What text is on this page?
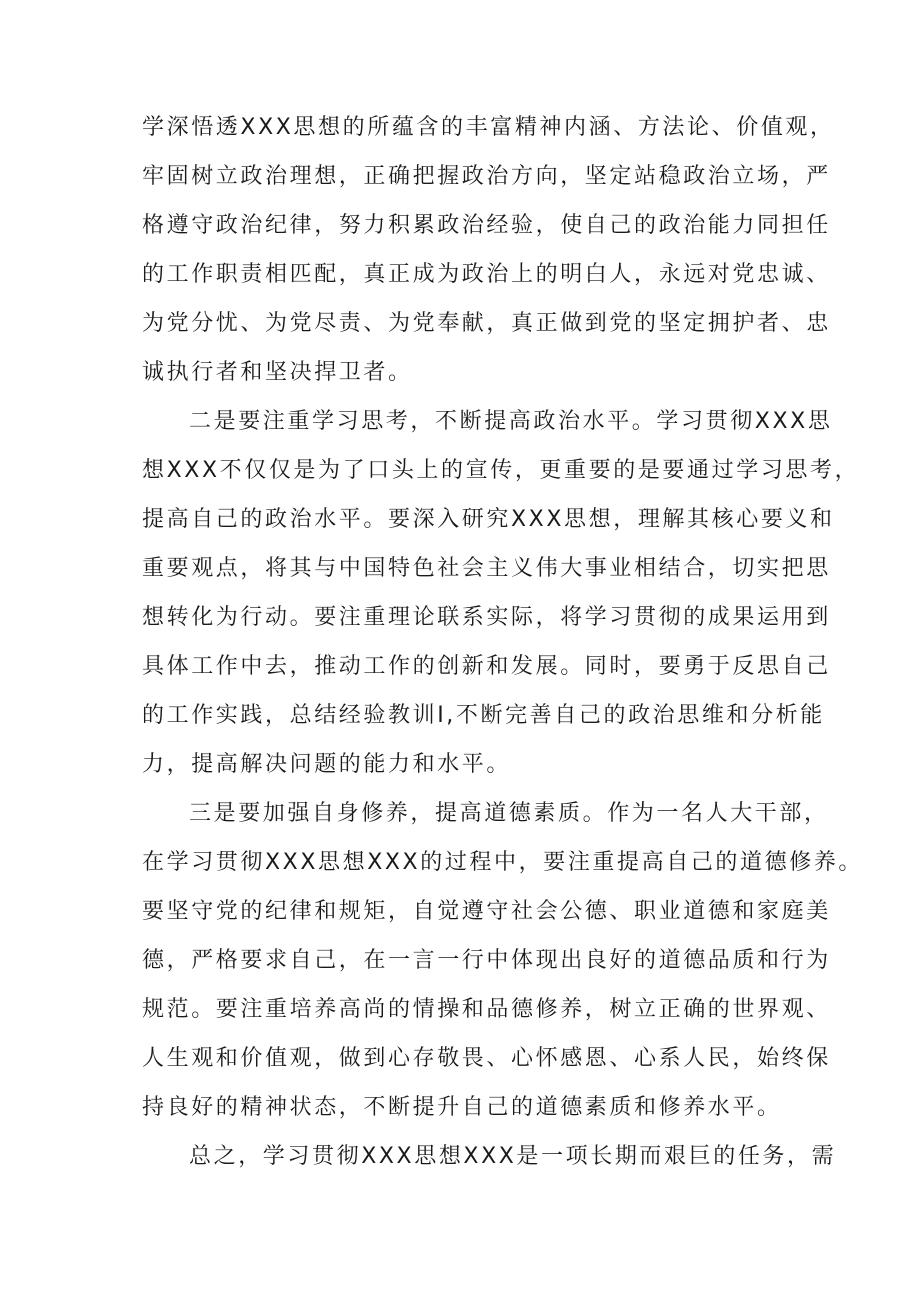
学深悟透XXX思想的所蕴含的丰富精神内涵、方法论、价值观，
牢固树立政治理想，正确把握政治方向，坚定站稳政治立场，严
格遵守政治纪律，努力积累政治经验，使自己的政治能力同担任
的工作职责相匹配，真正成为政治上的明白人，永远对党忠诚、
为党分忧、为党尽责、为党奉献，真正做到党的坚定拥护者、忠
诚执行者和坚决捍卫者。
二是要注重学习思考，不断提高政治水平。学习贯彻XXX思
想XXX不仅仅是为了口头上的宣传，更重要的是要通过学习思考，
提高自己的政治水平。要深入研究XXX思想，理解其核心要义和
重要观点，将其与中国特色社会主义伟大事业相结合，切实把思
想转化为行动。要注重理论联系实际，将学习贯彻的成果运用到
具体工作中去，推动工作的创新和发展。同时，要勇于反思自己
的工作实践，总结经验教训I,不断完善自己的政治思维和分析能
力，提高解决问题的能力和水平。
三是要加强自身修养，提高道德素质。作为一名人大干部，
在学习贯彻XXX思想XXX的过程中，要注重提高自己的道德修养。
要坚守党的纪律和规矩，自觉遵守社会公德、职业道德和家庭美
德，严格要求自己，在一言一行中体现出良好的道德品质和行为
规范。要注重培养高尚的情操和品德修养，树立正确的世界观、
人生观和价值观，做到心存敬畏、心怀感恩、心系人民，始终保
持良好的精神状态，不断提升自己的道德素质和修养水平。
总之，学习贯彻XXX思想XXX是一项长期而艰巨的任务，需
